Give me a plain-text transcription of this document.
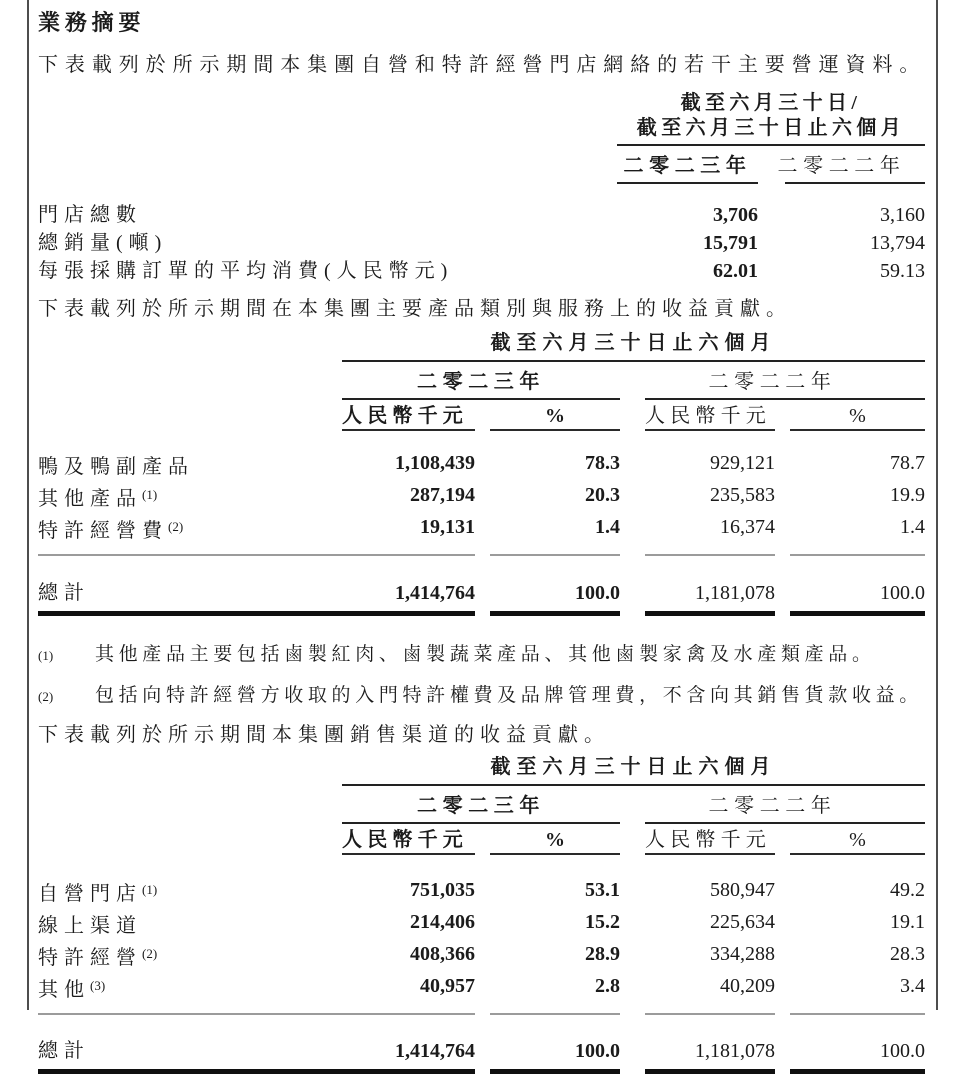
業務摘要

下表載列於所示期間本集團自營和特許經營門店網絡的若干主要營運資料。

截至六月三十日/
截至六月三十日止六個月
二零二三年	二零二二年
門店總數	3,706	3,160
總銷量(噸)	15,791	13,794
每張採購訂單的平均消費(人民幣元)	62.01	59.13

下表載列於所示期間在本集團主要產品類別與服務上的收益貢獻。

截至六月三十日止六個月
二零二三年	二零二二年
人民幣千元	%	人民幣千元	%
鴨及鴨副產品	1,108,439	78.3	929,121	78.7
其他產品$^{(1)}$	287,194	20.3	235,583	19.9
特許經營費$^{(2)}$	19,131	1.4	16,374	1.4
總計	1,414,764	100.0	1,181,078	100.0
(1)	其他產品主要包括鹵製紅肉、鹵製蔬菜產品、其他鹵製家禽及水產類產品。
(2)	包括向特許經營方收取的入門特許權費及品牌管理費，不含向其銷售貨款收益。

下表載列於所示期間本集團銷售渠道的收益貢獻。

截至六月三十日止六個月
二零二三年	二零二二年
人民幣千元	%	人民幣千元	%
自營門店$^{(1)}$	751,035	53.1	580,947	49.2
線上渠道	214,406	15.2	225,634	19.1
特許經營$^{(2)}$	408,366	28.9	334,288	28.3
其他$^{(3)}$	40,957	2.8	40,209	3.4
總計	1,414,764	100.0	1,181,078	100.0
